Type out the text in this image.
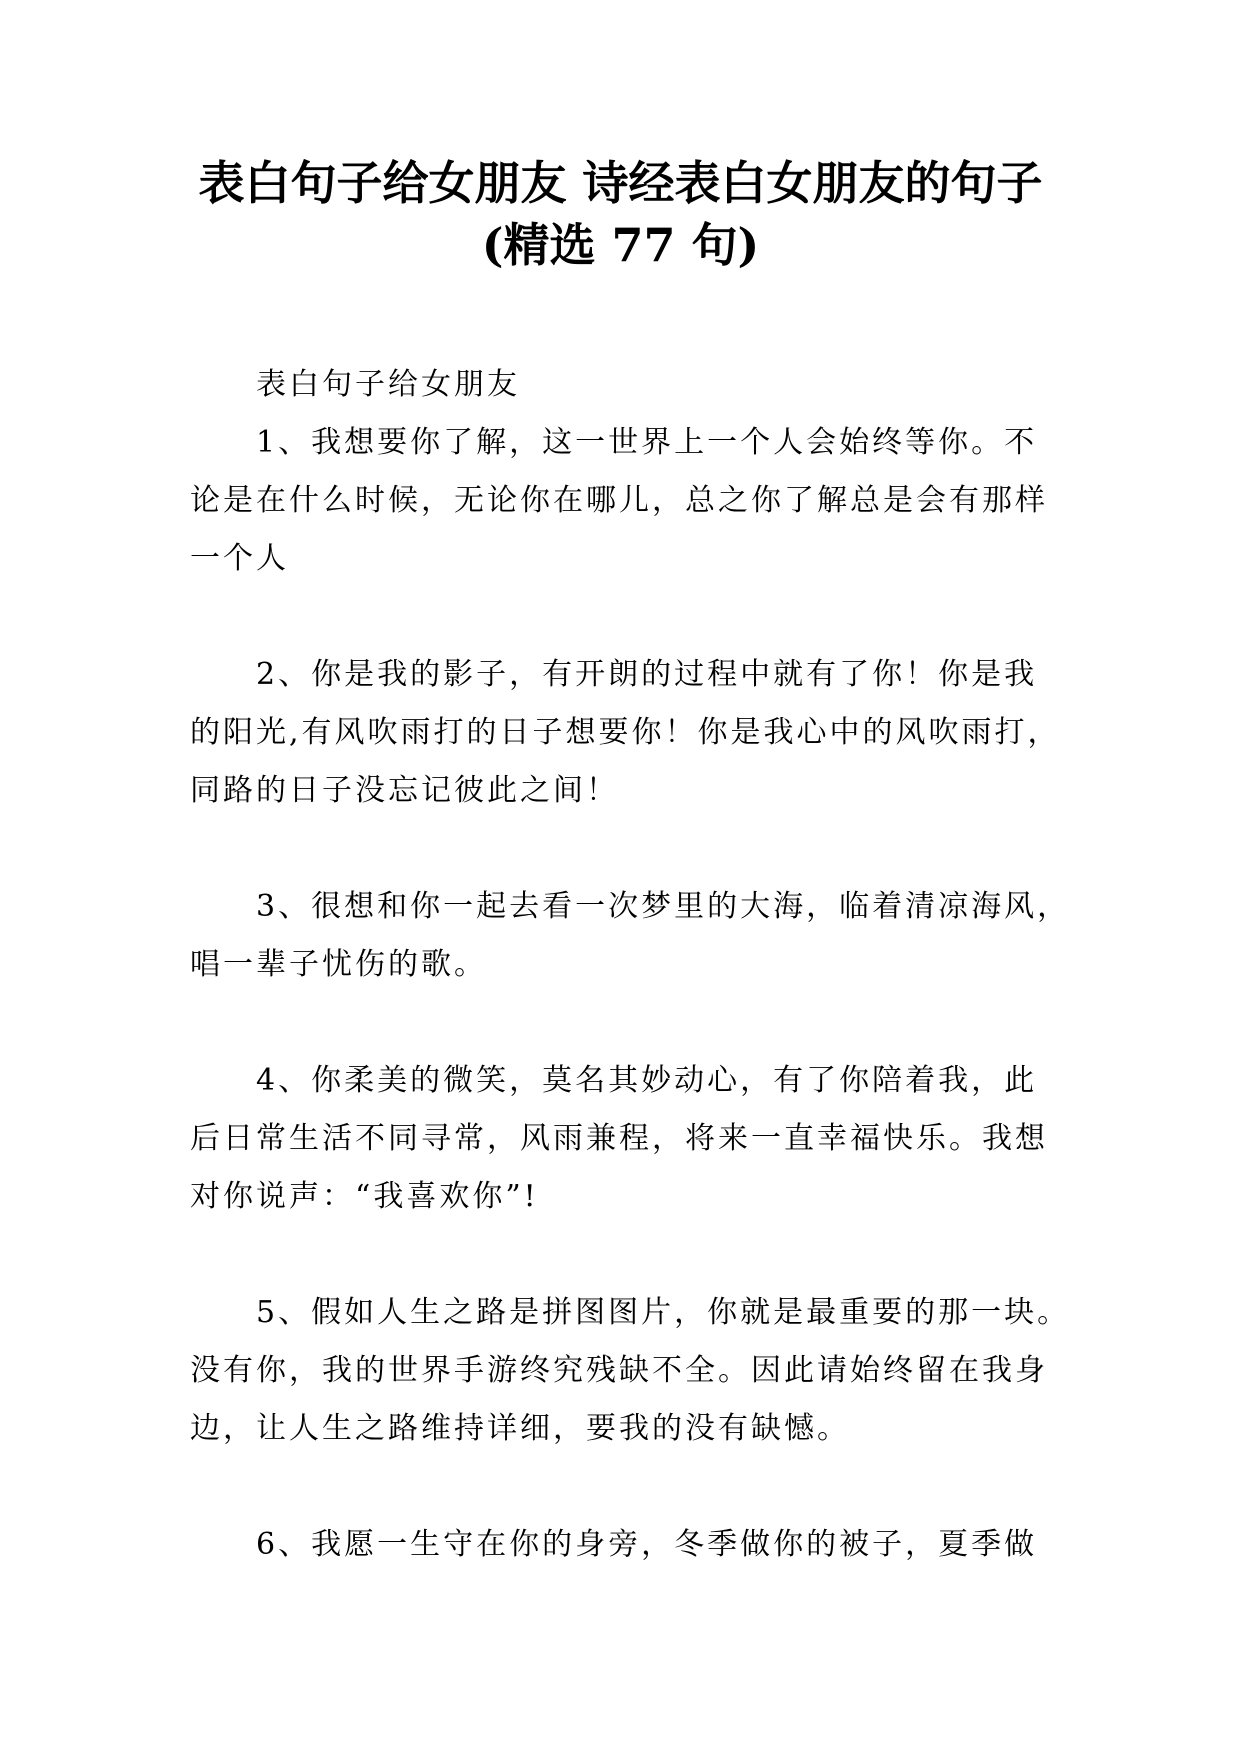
表白句子给女朋友 诗经表白女朋友的句子
(精选 77 句)

表白句子给女朋友

1、我想要你了解，这一世界上一个人会始终等你。不
论是在什么时候，无论你在哪儿，总之你了解总是会有那样
一个人

2、你是我的影子，有开朗的过程中就有了你！你是我
的阳光,有风吹雨打的日子想要你！你是我心中的风吹雨打，
同路的日子没忘记彼此之间！

3、很想和你一起去看一次梦里的大海，临着清凉海风，
唱一辈子忧伤的歌。

4、你柔美的微笑，莫名其妙动心，有了你陪着我，此
后日常生活不同寻常，风雨兼程，将来一直幸福快乐。我想
对你说声：“我喜欢你”!

5、假如人生之路是拼图图片，你就是最重要的那一块。
没有你，我的世界手游终究残缺不全。因此请始终留在我身
边，让人生之路维持详细，要我的没有缺憾。

6、我愿一生守在你的身旁，冬季做你的被子，夏季做
